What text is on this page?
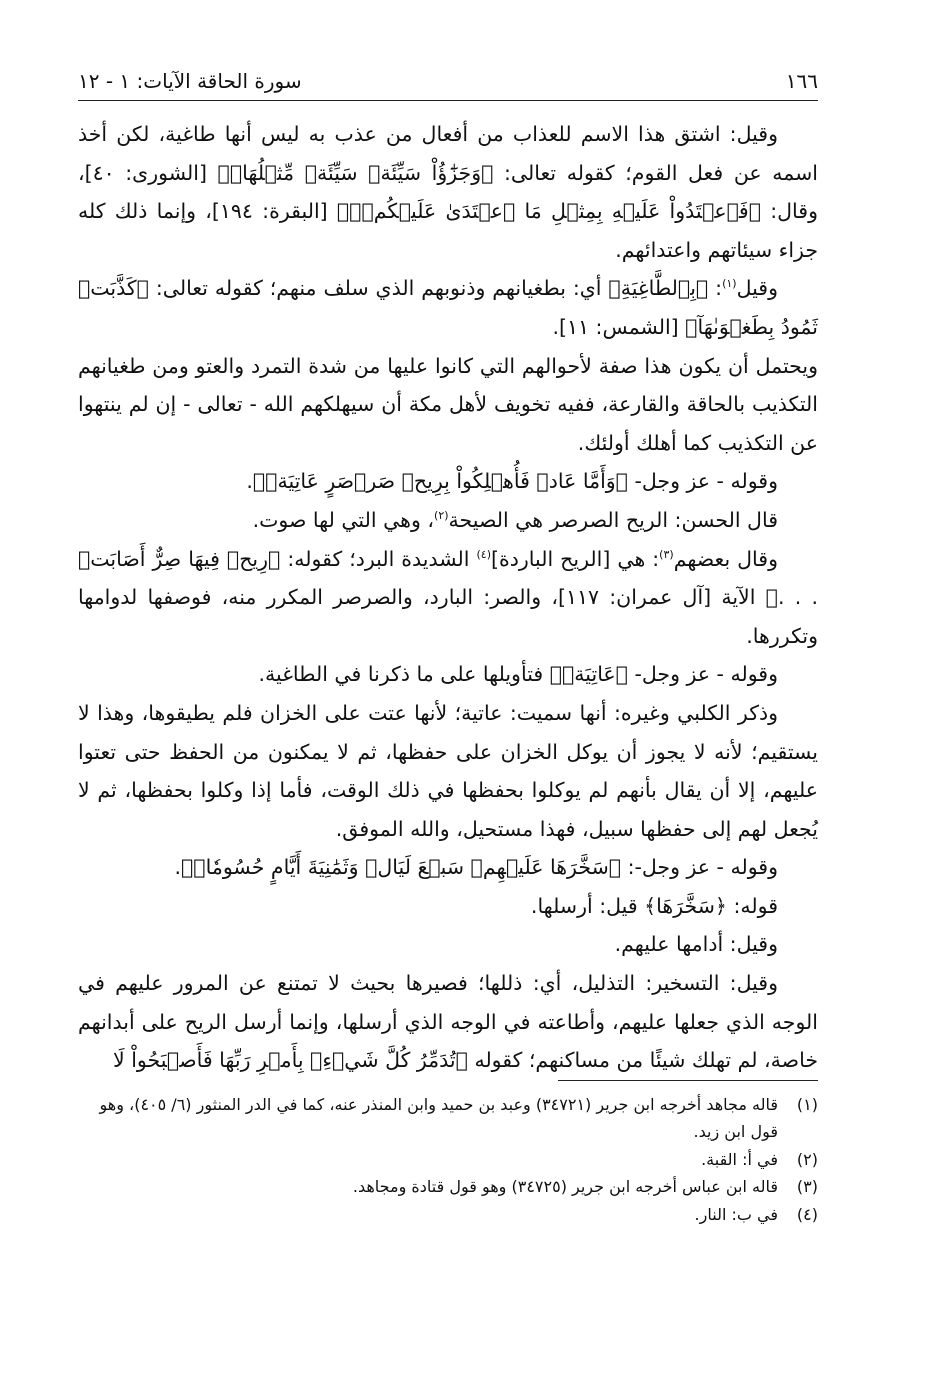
١٦٦
سورة الحاقة الآيات: ١ - ١٢

وقيل: اشتق هذا الاسم للعذاب من أفعال من عذب به ليس أنها طاغية، لكن أخذ اسمه عن فعل القوم؛ كقوله تعالى: ﴿وَجَزَٰٓؤُاْ سَيِّئَةٖ سَيِّئَةٞ مِّثۡلُهَاۖ﴾ [الشورى: ٤٠]، وقال: ﴿فَٱعۡتَدُواْ عَلَيۡهِ بِمِثۡلِ مَا ٱعۡتَدَىٰ عَلَيۡكُمۡۚ﴾ [البقرة: ١٩٤]، وإنما ذلك كله جزاء سيئاتهم واعتدائهم.

وقيل$^{(١)}$: ﴿بِٱلطَّاغِيَةِ﴾ أي: بطغيانهم وذنوبهم الذي سلف منهم؛ كقوله تعالى: ﴿كَذَّبَتۡ ثَمُودُ بِطَغۡوَىٰهَآ﴾ [الشمس: ١١].

ويحتمل أن يكون هذا صفة لأحوالهم التي كانوا عليها من شدة التمرد والعتو ومن طغيانهم التكذيب بالحاقة والقارعة، ففيه تخويف لأهل مكة أن سيهلكهم الله - تعالى - إن لم ينتهوا عن التكذيب كما أهلك أولئك.

وقوله - عز وجل- ﴿وَأَمَّا عَادٞ فَأُهۡلِكُواْ بِرِيحٖ صَرۡصَرٍ عَاتِيَةٖ﴾.

قال الحسن: الريح الصرصر هي الصيحة$^{(٢)}$، وهي التي لها صوت.

وقال بعضهم$^{(٣)}$: هي [الريح الباردة]$^{(٤)}$ الشديدة البرد؛ كقوله: ﴿رِيحٖ فِيهَا صِرٌّ أَصَابَتۡ . . .﴾ الآية [آل عمران: ١١٧]، والصر: البارد، والصرصر المكرر منه، فوصفها لدوامها وتكررها.

وقوله - عز وجل- ﴿عَاتِيَةٖ﴾ فتأويلها على ما ذكرنا في الطاغية.

وذكر الكلبي وغيره: أنها سميت: عاتية؛ لأنها عتت على الخزان فلم يطيقوها، وهذا لا يستقيم؛ لأنه لا يجوز أن يوكل الخزان على حفظها، ثم لا يمكنون من الحفظ حتى تعتوا عليهم، إلا أن يقال بأنهم لم يوكلوا بحفظها في ذلك الوقت، فأما إذا وكلوا بحفظها، ثم لا يُجعل لهم إلى حفظها سبيل، فهذا مستحيل، والله الموفق.

وقوله - عز وجل-: ﴿سَخَّرَهَا عَلَيۡهِمۡ سَبۡعَ لَيَالٖ وَثَمَٰنِيَةَ أَيَّامٍ حُسُومٗاۖ﴾.

قوله: ﴿سَخَّرَهَا﴾ قيل: أرسلها.

وقيل: أدامها عليهم.

وقيل: التسخير: التذليل، أي: ذللها؛ فصيرها بحيث لا تمتنع عن المرور عليهم في الوجه الذي جعلها عليهم، وأطاعته في الوجه الذي أرسلها، وإنما أرسل الريح على أبدانهم خاصة، لم تهلك شيئًا من مساكنهم؛ كقوله ﴿تُدَمِّرُ كُلَّ شَيۡءِۭ بِأَمۡرِ رَبِّهَا فَأَصۡبَحُواْ لَا

(١)
قاله مجاهد أخرجه ابن جرير (٣٤٧٢١) وعبد بن حميد وابن المنذر عنه، كما في الدر المنثور (٦/ ٤٠٥)، وهو قول ابن زيد.
(٢)
في أ: القبة.
(٣)
قاله ابن عباس أخرجه ابن جرير (٣٤٧٢٥) وهو قول قتادة ومجاهد.
(٤)
في ب: النار.
